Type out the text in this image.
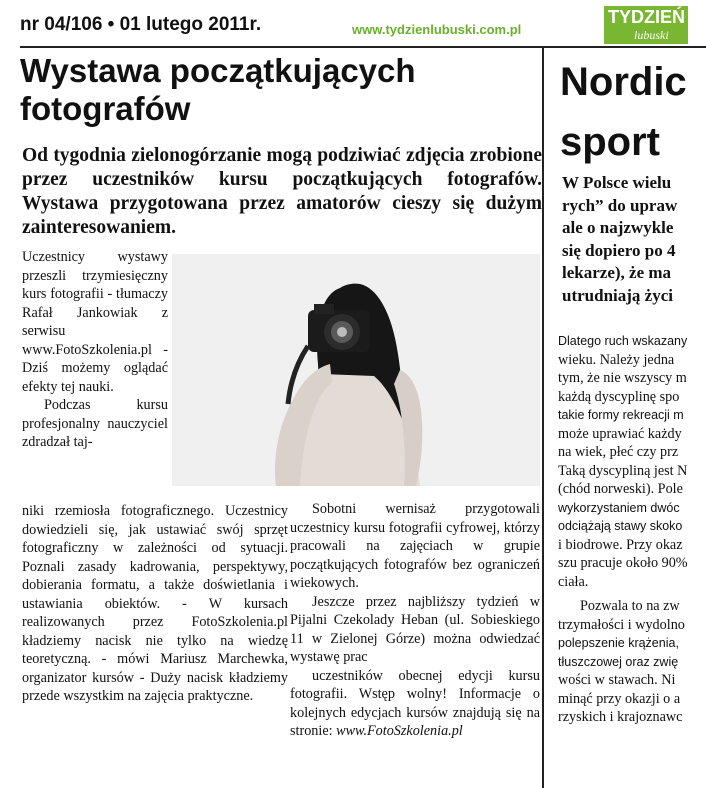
nr 04/106 • 01 lutego 2011r.	www.tydzienlubuski.com.pl
TYDZIEŃ
lubuski
Wystawa początkujących fotografów
Od tygodnia zielonogórzanie mogą podziwiać zdjęcia zrobione przez uczestników kursu początkujących fotografów. Wystawa przygotowana przez amatorów cieszy się dużym zainteresowaniem.

Uczestnicy wystawy przeszli trzymiesięczny kurs fotografii - tłumaczy Rafał Jankowiak z serwisu www.FotoSzkolenia.pl - Dziś możemy oglądać efekty tej nauki.

Podczas kursu profesjonalny nauczyciel zdradzał taj-

niki rzemiosła fotograficznego. Uczestnicy dowiedzieli się, jak ustawiać swój sprzęt fotograficzny w zależności od sytuacji. Poznali zasady kadrowania, perspektywy, dobierania formatu, a także doświetlania i ustawiania obiektów. - W kursach realizowanych przez FotoSzkolenia.pl kładziemy nacisk nie tylko na wiedzę teoretyczną. - mówi Mariusz Marchewka, organizator kursów - Duży nacisk kładziemy przede wszystkim na zajęcia praktyczne.

Sobotni wernisaż przygotowali uczestnicy kursu fotografii cyfrowej, którzy pracowali na zajęciach w grupie początkujących fotografów bez ograniczeń wiekowych.

Jeszcze przez najbliższy tydzień w Pijalni Czekolady Heban (ul. Sobieskiego 11 w Zielonej Górze) można odwiedzać wystawę prac

uczestników obecnej edycji kursu fotografii. Wstęp wolny! Informacje o kolejnych edycjach kursów znajdują się na stronie: www.FotoSzkolenia.pl

Nordic
sport
W Polsce wielu
rych” do upraw
ale o najzwykle
się dopiero po 4
lekarze), że ma
utrudniają życi
Dlatego ruch wskazany
wieku. Należy jedna
tym, że nie wszyscy m
każdą dyscyplinę spo
takie formy rekreacji m
może uprawiać każdy
na wiek, płeć czy prz
Taką dyscypliną jest N
(chód norweski). Pole
wykorzystaniem dwóc
odciążają stawy skoko
i biodrowe. Przy okaz
szu pracuje około 90%
ciała.
Pozwala to na zw
trzymałości i wydolno
polepszenie krążenia,
tłuszczowej oraz zwię
wości w stawach. Ni
minąć przy okazji o a
rzyskich i krajoznawc
